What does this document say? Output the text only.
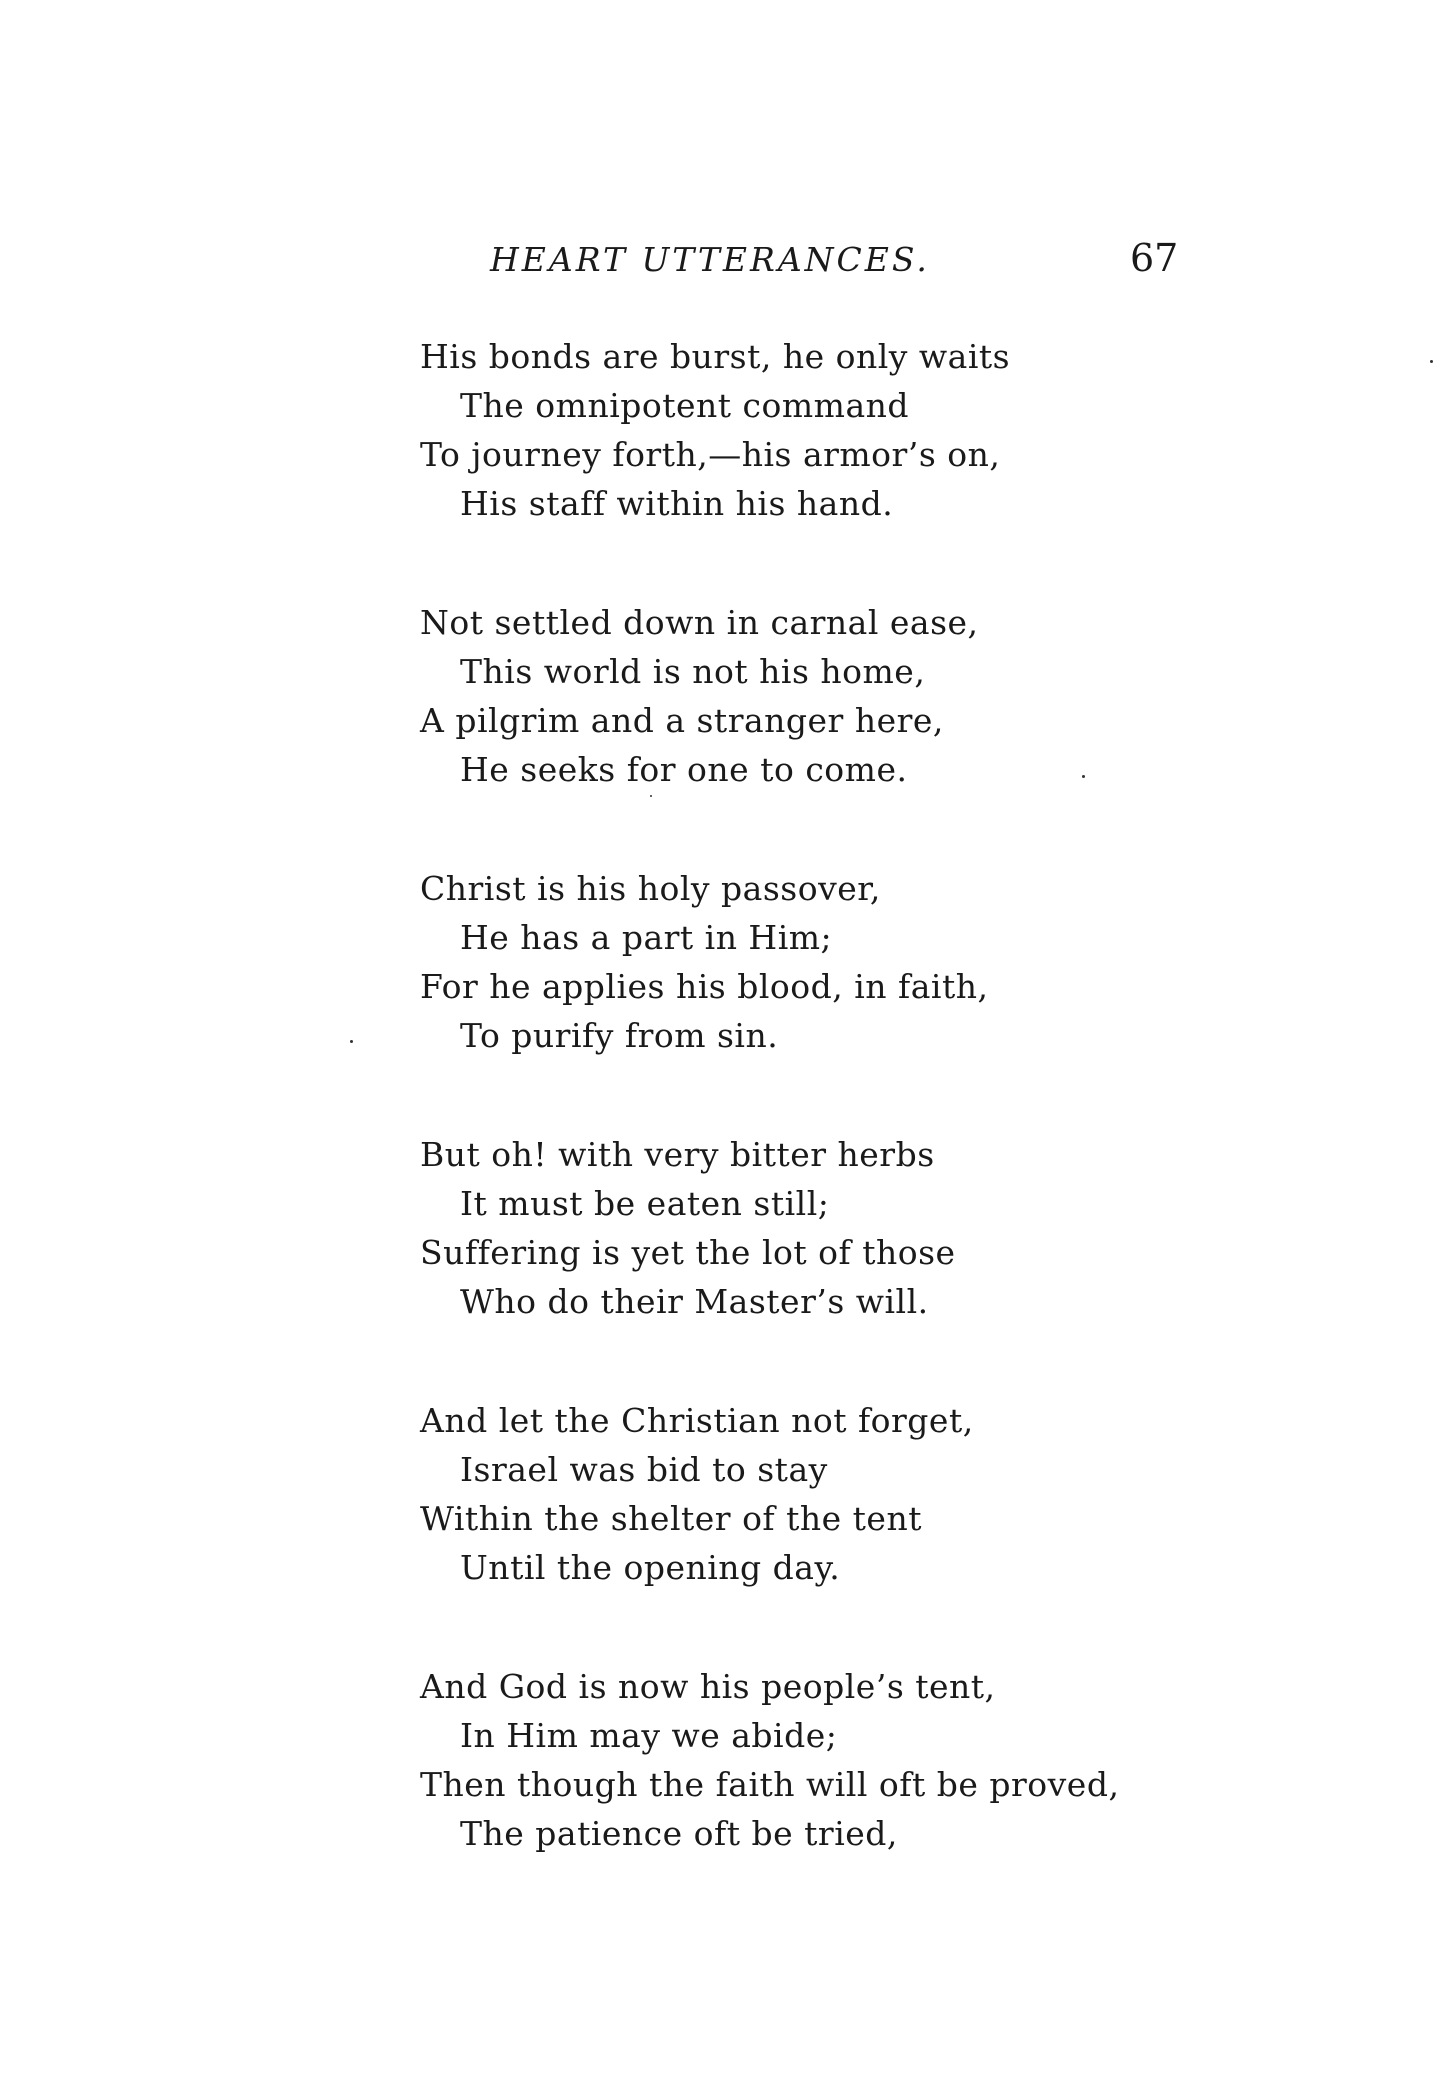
HEART UTTERANCES.	67
His bonds are burst, he only waits
The omnipotent command
To journey forth,—his armor’s on,
His staff within his hand.
Not settled down in carnal ease,
This world is not his home,
A pilgrim and a stranger here,
He seeks for one to come.
Christ is his holy passover,
He has a part in Him;
For he applies his blood, in faith,
To purify from sin.
But oh! with very bitter herbs
It must be eaten still;
Suffering is yet the lot of those
Who do their Master’s will.
And let the Christian not forget,
Israel was bid to stay
Within the shelter of the tent
Until the opening day.
And God is now his people’s tent,
In Him may we abide;
Then though the faith will oft be proved,
The patience oft be tried,
